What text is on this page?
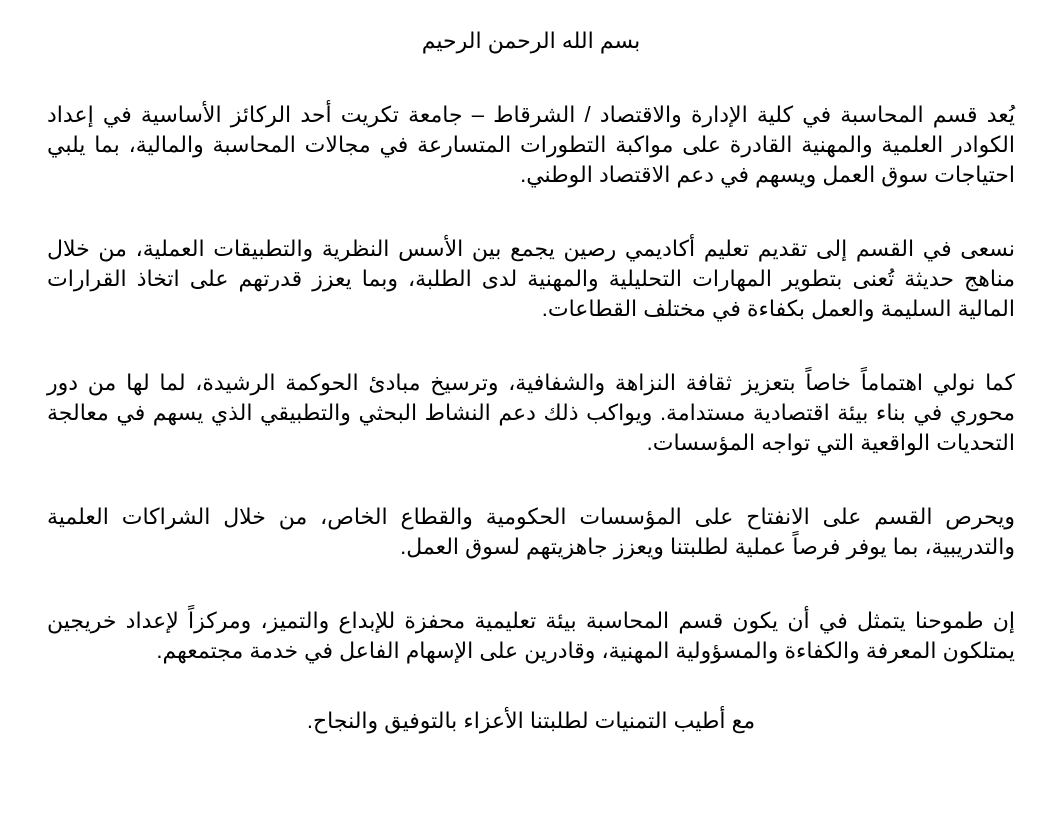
بسم الله الرحمن الرحيم

يُعد قسم المحاسبة في كلية الإدارة والاقتصاد / الشرقاط – جامعة تكريت أحد الركائز الأساسية في إعداد الكوادر العلمية والمهنية القادرة على مواكبة التطورات المتسارعة في مجالات المحاسبة والمالية، بما يلبي احتياجات سوق العمل ويسهم في دعم الاقتصاد الوطني.

نسعى في القسم إلى تقديم تعليم أكاديمي رصين يجمع بين الأسس النظرية والتطبيقات العملية، من خلال مناهج حديثة تُعنى بتطوير المهارات التحليلية والمهنية لدى الطلبة، وبما يعزز قدرتهم على اتخاذ القرارات المالية السليمة والعمل بكفاءة في مختلف القطاعات.

كما نولي اهتماماً خاصاً بتعزيز ثقافة النزاهة والشفافية، وترسيخ مبادئ الحوكمة الرشيدة، لما لها من دور محوري في بناء بيئة اقتصادية مستدامة. ويواكب ذلك دعم النشاط البحثي والتطبيقي الذي يسهم في معالجة التحديات الواقعية التي تواجه المؤسسات.

ويحرص القسم على الانفتاح على المؤسسات الحكومية والقطاع الخاص، من خلال الشراكات العلمية والتدريبية، بما يوفر فرصاً عملية لطلبتنا ويعزز جاهزيتهم لسوق العمل.

إن طموحنا يتمثل في أن يكون قسم المحاسبة بيئة تعليمية محفزة للإبداع والتميز، ومركزاً لإعداد خريجين يمتلكون المعرفة والكفاءة والمسؤولية المهنية، وقادرين على الإسهام الفاعل في خدمة مجتمعهم.

مع أطيب التمنيات لطلبتنا الأعزاء بالتوفيق والنجاح.
